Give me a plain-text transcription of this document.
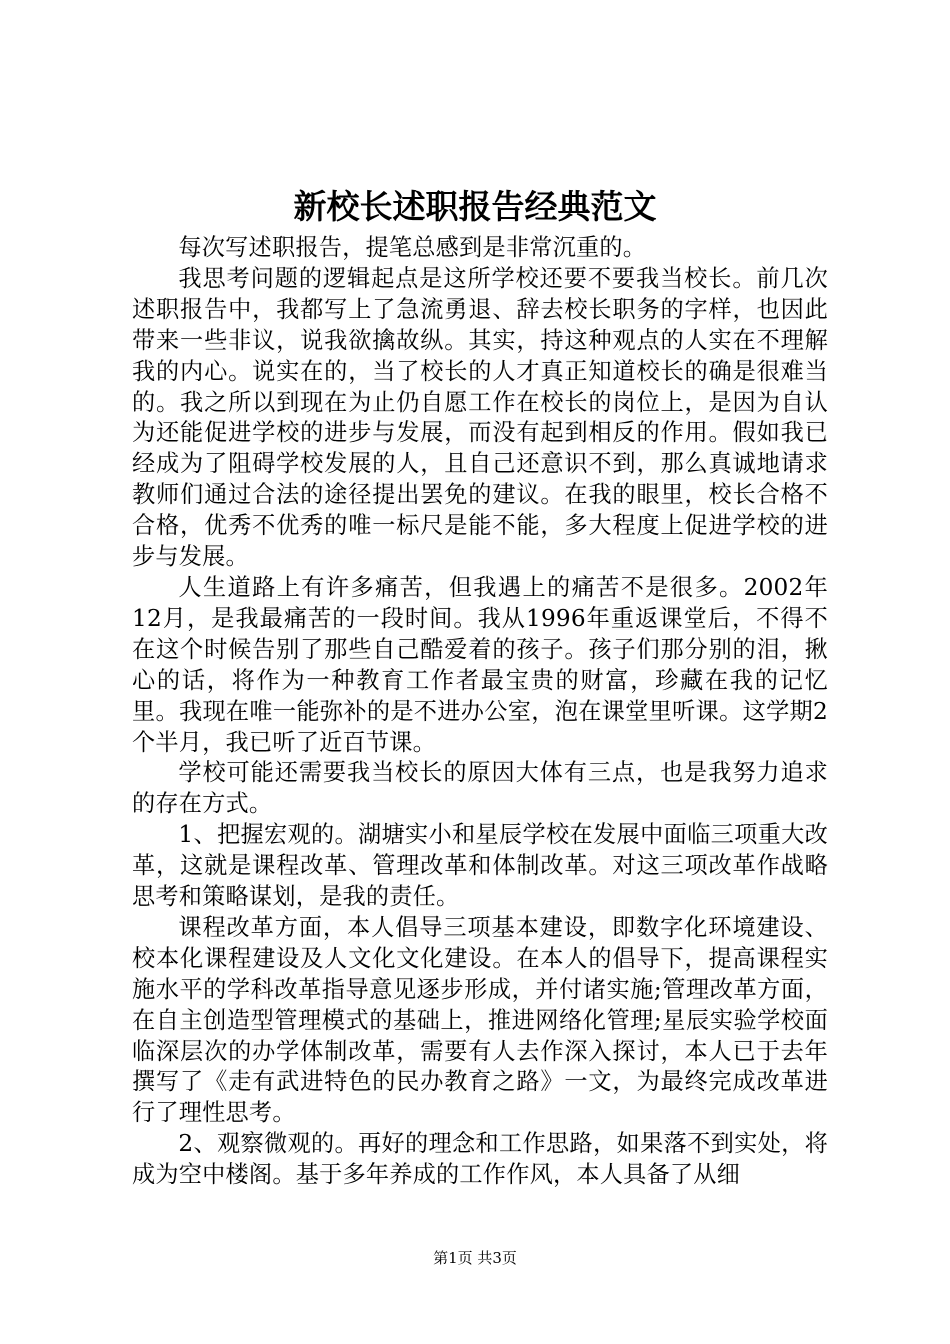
新校长述职报告经典范文

每次写述职报告，提笔总感到是非常沉重的。

我思考问题的逻辑起点是这所学校还要不要我当校长。前几次述职报告中，我都写上了急流勇退、辞去校长职务的字样，也因此带来一些非议，说我欲擒故纵。其实，持这种观点的人实在不理解我的内心。说实在的，当了校长的人才真正知道校长的确是很难当的。我之所以到现在为止仍自愿工作在校长的岗位上，是因为自认为还能促进学校的进步与发展，而没有起到相反的作用。假如我已经成为了阻碍学校发展的人，且自己还意识不到，那么真诚地请求教师们通过合法的途径提出罢免的建议。在我的眼里，校长合格不合格，优秀不优秀的唯一标尺是能不能，多大程度上促进学校的进步与发展。

人生道路上有许多痛苦，但我遇上的痛苦不是很多。2002年12月，是我最痛苦的一段时间。我从1996年重返课堂后，不得不在这个时候告别了那些自己酷爱着的孩子。孩子们那分别的泪，揪心的话，将作为一种教育工作者最宝贵的财富，珍藏在我的记忆里。我现在唯一能弥补的是不进办公室，泡在课堂里听课。这学期2个半月，我已听了近百节课。

学校可能还需要我当校长的原因大体有三点，也是我努力追求的存在方式。

1、把握宏观的。湖塘实小和星辰学校在发展中面临三项重大改革，这就是课程改革、管理改革和体制改革。对这三项改革作战略思考和策略谋划，是我的责任。

课程改革方面，本人倡导三项基本建设，即数字化环境建设、校本化课程建设及人文化文化建设。在本人的倡导下，提高课程实施水平的学科改革指导意见逐步形成，并付诸实施;管理改革方面，在自主创造型管理模式的基础上，推进网络化管理;星辰实验学校面临深层次的办学体制改革，需要有人去作深入探讨，本人已于去年撰写了《走有武进特色的民办教育之路》一文，为最终完成改革进行了理性思考。

2、观察微观的。再好的理念和工作思路，如果落不到实处，将成为空中楼阁。基于多年养成的工作作风，本人具备了从细

第1页 共3页
